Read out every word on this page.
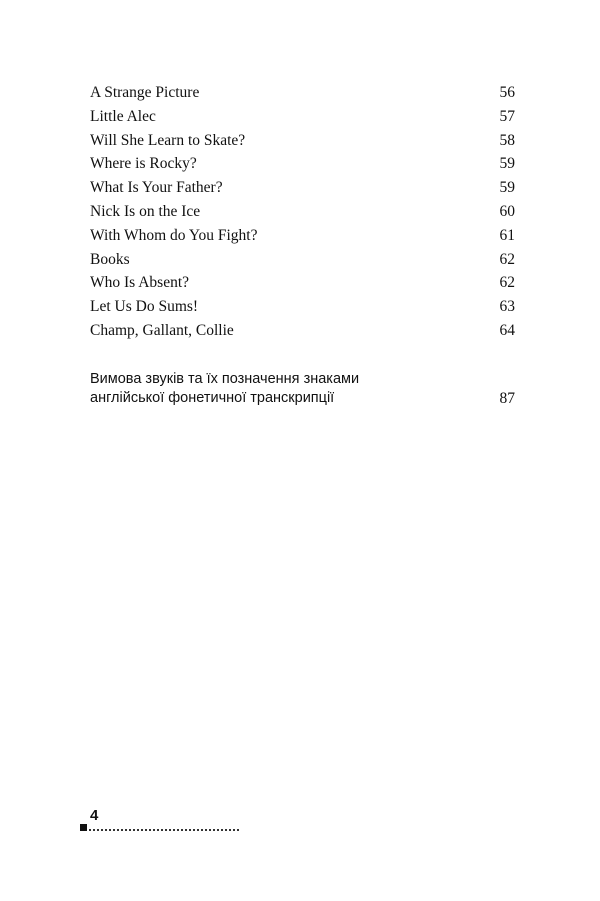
A Strange Picture	56
Little Alec	57
Will She Learn to Skate?	58
Where is Rocky?	59
What Is Your Father?	59
Nick Is on the Ice	60
With Whom do You Fight?	61
Books	62
Who Is Absent?	62
Let Us Do Sums!	63
Champ, Gallant, Collie	64
Вимова звуків та їх позначення знаками
англійської фонетичної транскрипції	87
4
